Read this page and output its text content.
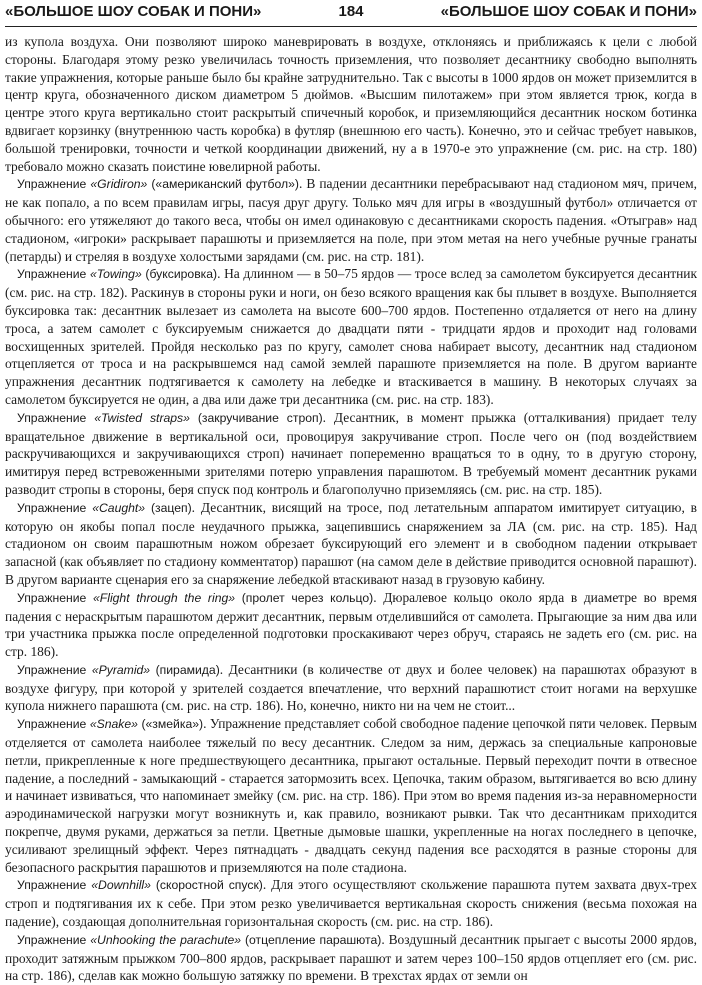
«БОЛЬШОЕ ШОУ СОБАК И ПОНИ»	184	«БОЛЬШОЕ ШОУ СОБАК И ПОНИ»

из купола воздуха. Они позволяют широко маневрировать в воздухе, отклоняясь и приближаясь к цели с любой стороны. Благодаря этому резко увеличилась точность приземления, что позволяет десантнику свободно выполнять такие упражнения, которые раньше было бы крайне затруднительно. Так с высоты в 1000 ярдов он может приземлится в центр круга, обозначенного диском диаметром 5 дюймов. «Высшим пилотажем» при этом является трюк, когда в центре этого круга вертикально стоит раскрытый спичечный коробок, и приземляющийся десантник носком ботинка вдвигает корзинку (внутреннюю часть коробка) в футляр (внешнюю его часть). Конечно, это и сейчас требует навыков, большой тренировки, точности и четкой координации движений, ну а в 1970-е это упражнение (см. рис. на стр. 180) требовало можно сказать поистине ювелирной работы.

Упражнение «Gridiron» («американский футбол»). В падении десантники перебрасывают над стадионом мяч, причем, не как попало, а по всем правилам игры, пасуя друг другу. Только мяч для игры в «воздушный футбол» отличается от обычного: его утяжеляют до такого веса, чтобы он имел одинаковую с десантниками скорость падения. «Отыграв» над стадионом, «игроки» раскрывает парашюты и приземляется на поле, при этом метая на него учебные ручные гранаты (петарды) и стреляя в воздухе холостыми зарядами (см. рис. на стр. 181).

Упражнение «Towing» (буксировка). На длинном — в 50–75 ярдов — тросе вслед за самолетом буксируется десантник (см. рис. на стр. 182). Раскинув в стороны руки и ноги, он безо всякого вращения как бы плывет в воздухе. Выполняется буксировка так: десантник вылезает из самолета на высоте 600–700 ярдов. Постепенно отдаляется от него на длину троса, а затем самолет с буксируемым снижается до двадцати пяти - тридцати ярдов и проходит над головами восхищенных зрителей. Пройдя несколько раз по кругу, самолет снова набирает высоту, десантник над стадионом отцепляется от троса и на раскрывшемся над самой землей парашюте приземляется на поле. В другом варианте упражнения десантник подтягивается к самолету на лебедке и втаскивается в машину. В некоторых случаях за самолетом буксируется не один, а два или даже три десантника (см. рис. на стр. 183).

Упражнение «Twisted straps» (закручивание строп). Десантник, в момент прыжка (отталкивания) придает телу вращательное движение в вертикальной оси, провоцируя закручивание строп. После чего он (под воздействием раскручивающихся и закручивающихся строп) начинает попеременно вращаться то в одну, то в другую сторону, имитируя перед встревоженными зрителями потерю управления парашютом. В требуемый момент десантник руками разводит стропы в стороны, беря спуск под контроль и благополучно приземляясь (см. рис. на стр. 185).

Упражнение «Caught» (зацеп). Десантник, висящий на тросе, под летательным аппаратом имитирует ситуацию, в которую он якобы попал после неудачного прыжка, зацепившись снаряжением за ЛА (см. рис. на стр. 185). Над стадионом он своим парашютным ножом обрезает буксирующий его элемент и в свободном падении открывает запасной (как объявляет по стадиону комментатор) парашют (на самом деле в действие приводится основной парашют). В другом варианте сценария его за снаряжение лебедкой втаскивают назад в грузовую кабину.

Упражнение «Flight through the ring» (пролет через кольцо). Дюралевое кольцо около ярда в диаметре во время падения с нераскрытым парашютом держит десантник, первым отделившийся от самолета. Прыгающие за ним два или три участника прыжка после определенной подготовки проскакивают через обруч, стараясь не задеть его (см. рис. на стр. 186).

Упражнение «Pyramid» (пирамида). Десантники (в количестве от двух и более человек) на парашютах образуют в воздухе фигуру, при которой у зрителей создается впечатление, что верхний парашютист стоит ногами на верхушке купола нижнего парашюта (см. рис. на стр. 186). Но, конечно, никто ни на чем не стоит...

Упражнение «Snake» («змейка»). Упражнение представляет собой свободное падение цепочкой пяти человек. Первым отделяется от самолета наиболее тяжелый по весу десантник. Следом за ним, держась за специальные капроновые петли, прикрепленные к ноге предшествующего десантника, прыгают остальные. Первый переходит почти в отвесное падение, а последний - замыкающий - старается затормозить всех. Цепочка, таким образом, вытягивается во всю длину и начинает извиваться, что напоминает змейку (см. рис. на стр. 186). При этом во время падения из-за неравномерности аэродинамической нагрузки могут возникнуть и, как правило, возникают рывки. Так что десантникам приходится покрепче, двумя руками, держаться за петли. Цветные дымовые шашки, укрепленные на ногах последнего в цепочке, усиливают зрелищный эффект. Через пятнадцать - двадцать секунд падения все расходятся в разные стороны для безопасного раскрытия парашютов и приземляются на поле стадиона.

Упражнение «Downhill» (скоростной спуск). Для этого осуществляют скольжение парашюта путем захвата двух-трех строп и подтягивания их к себе. При этом резко увеличивается вертикальная скорость снижения (весьма похожая на падение), создающая дополнительная горизонтальная скорость (см. рис. на стр. 186).

Упражнение «Unhooking the parachute» (отцепление парашюта). Воздушный десантник прыгает с высоты 2000 ярдов, проходит затяжным прыжком 700–800 ярдов, раскрывает парашют и затем через 100–150 ярдов отцепляет его (см. рис. на стр. 186), сделав как можно большую затяжку по времени. В трехстах ярдах от земли он
